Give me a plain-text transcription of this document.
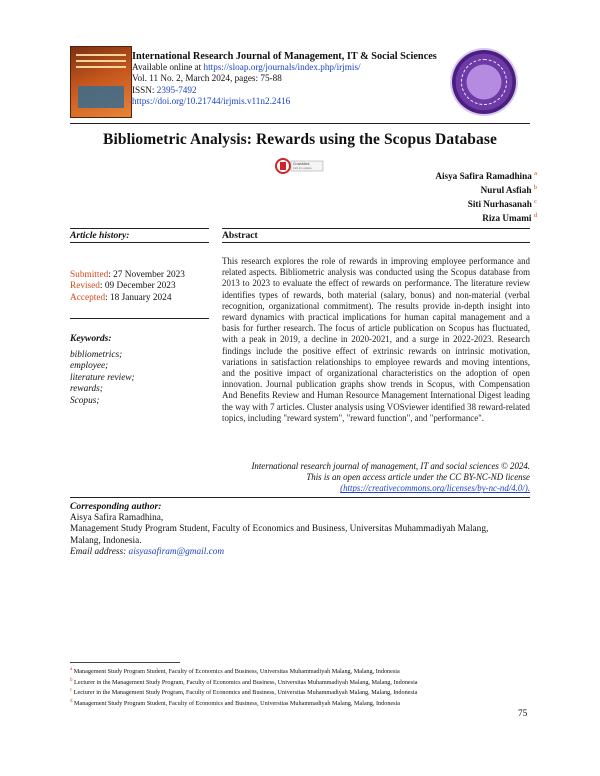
International Research Journal of Management, IT & Social Sciences
Available online at https://sloap.org/journals/index.php/irjmis/
Vol. 11 No. 2, March 2024, pages: 75-88
ISSN: 2395-7492
https://doi.org/10.21744/irjmis.v11n2.2416
Bibliometric Analysis: Rewards using the Scopus Database
CrossMark
click for updates
Aisya Safira Ramadhina $^a$
Nurul Asfiah $^b$
Siti Nurhasanah $^c$
Riza Umami $^d$
Article history:	Abstract
Submitted: 27 November 2023
Revised: 09 December 2023
Accepted: 18 January 2024
Keywords:
bibliometrics;
employee;
literature review;
rewards;
Scopus;
This research explores the role of rewards in improving employee performance and related aspects. Bibliometric analysis was conducted using the Scopus database from 2013 to 2023 to evaluate the effect of rewards on performance. The literature review identifies types of rewards, both material (salary, bonus) and non-material (verbal recognition, organizational commitment). The results provide in-depth insight into reward dynamics with practical implications for human capital management and a basis for further research. The focus of article publication on Scopus has fluctuated, with a peak in 2019, a decline in 2020-2021, and a surge in 2022-2023. Research findings include the positive effect of extrinsic rewards on intrinsic motivation, variations in satisfaction relationships to employee rewards and moving intentions, and the positive impact of organizational characteristics on the adoption of open innovation. Journal publication graphs show trends in Scopus, with Compensation And Benefits Review and Human Resource Management International Digest leading the way with 7 articles. Cluster analysis using VOSviewer identified 38 reward-related topics, including "reward system", "reward function", and "performance".
International research journal of management, IT and social sciences © 2024.
This is an open access article under the CC BY-NC-ND license
(https://creativecommons.org/licenses/by-nc-nd/4.0/).
Corresponding author:
Aisya Safira Ramadhina,
Management Study Program Student, Faculty of Economics and Business, Universitas Muhammadiyah Malang,
Malang, Indonesia.
Email address: aisyasafiram@gmail.com
$^a$ Management Study Program Student, Faculty of Economics and Business, Universitas Muhammadiyah Malang, Malang, Indonesia
$^b$ Lecturer in the Management Study Program, Faculty of Economics and Business, Universitas Muhammadiyah Malang, Malang, Indonesia
$^c$ Lecturer in the Management Study Program, Faculty of Economics and Business, Universitas Muhammadiyah Malang, Malang, Indonesia
$^d$ Management Study Program Student, Faculty of Economics and Business, Universitas Muhammadiyah Malang, Malang, Indonesia
75
